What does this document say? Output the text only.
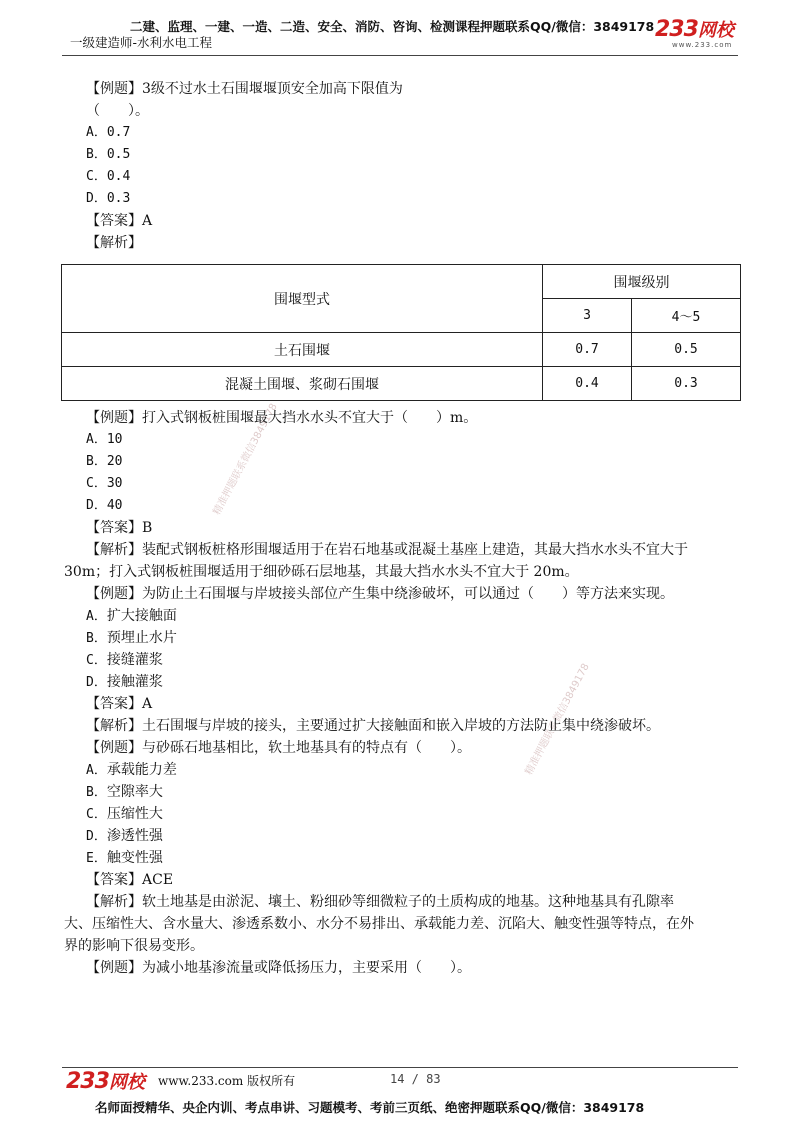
二建、监理、一建、一造、二造、安全、消防、咨询、检测课程押题联系QQ/微信：3849178
一级建造师-水利水电工程
233网校
www.233.com
精准押题联系微信3849178
精准押题联系微信3849178
【例题】3级不过水土石围堰堰顶安全加高下限值为
（　　）。
A．0.7
B．0.5
C．0.4
D．0.3
【答案】A
【解析】
围堰型式	围堰级别	
	3	4～5
土石围堰	0.7	0.5
混凝土围堰、浆砌石围堰	0.4	0.3
【例题】打入式钢板桩围堰最大挡水水头不宜大于（　　）m。
A．10
B．20
C．30
D．40
【答案】B
【解析】装配式钢板桩格形围堰适用于在岩石地基或混凝土基座上建造，其最大挡水水头不宜大于
30m；打入式钢板桩围堰适用于细砂砾石层地基，其最大挡水水头不宜大于 20m。
【例题】为防止土石围堰与岸坡接头部位产生集中绕渗破坏，可以通过（　　）等方法来实现。
A．扩大接触面
B．预埋止水片
C．接缝灌浆
D．接触灌浆
【答案】A
【解析】土石围堰与岸坡的接头，主要通过扩大接触面和嵌入岸坡的方法防止集中绕渗破坏。
【例题】与砂砾石地基相比，软土地基具有的特点有（　　）。
A．承载能力差
B．空隙率大
C．压缩性大
D．渗透性强
E．触变性强
【答案】ACE
【解析】软土地基是由淤泥、壤土、粉细砂等细微粒子的土质构成的地基。这种地基具有孔隙率
大、压缩性大、含水量大、渗透系数小、水分不易排出、承载能力差、沉陷大、触变性强等特点，在外
界的影响下很易变形。
【例题】为减小地基渗流量或降低扬压力，主要采用（　　）。
233网校 www.233.com 版权所有	14 / 83
名师面授精华、央企内训、考点串讲、习题模考、考前三页纸、绝密押题联系QQ/微信：3849178
